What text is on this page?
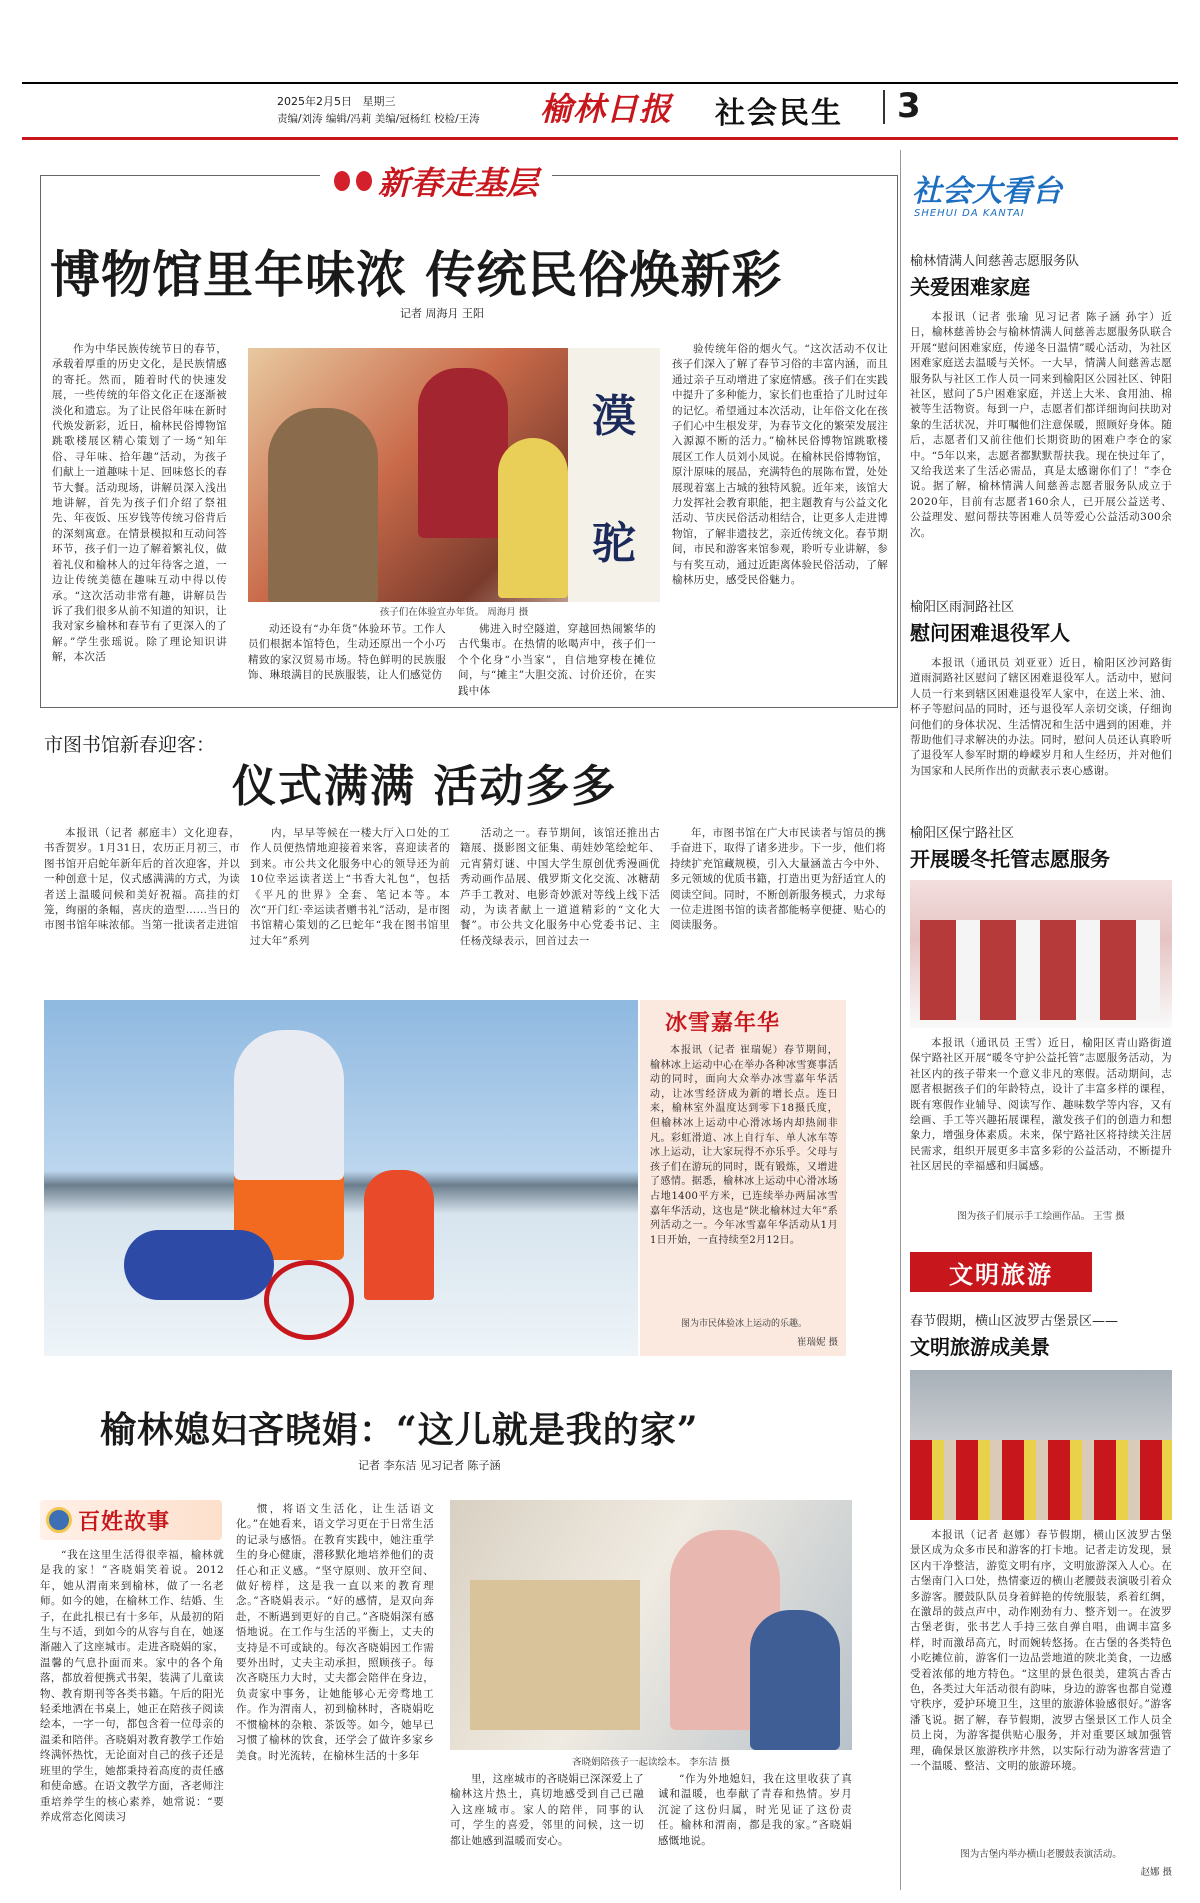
2025年2月5日 星期三
责编/刘涛 编辑/冯莉 美编/冠杨红 校检/王涛 榆林日报 社会民生 3
新春走基层
博物馆里年味浓 传统民俗焕新彩
记者 周海月 王阳

作为中华民族传统节日的春节，承载着厚重的历史文化，是民族情感的寄托。然而，随着时代的快速发展，一些传统的年俗文化正在逐渐被淡化和遗忘。为了让民俗年味在新时代焕发新彩，近日，榆林民俗博物馆跳歌楼展区精心策划了一场“知年俗、寻年味、拾年趣”活动，为孩子们献上一道趣味十足、回味悠长的春节大餐。活动现场，讲解员深入浅出地讲解，首先为孩子们介绍了祭祖先、年夜饭、压岁钱等传统习俗背后的深刻寓意。在情景模拟和互动问答环节，孩子们一边了解着繁礼仪，做着礼仪和榆林人的过年待客之道，一边让传统美德在趣味互动中得以传承。“这次活动非常有趣，讲解员告诉了我们很多从前不知道的知识，让我对家乡榆林和春节有了更深入的了解。”学生张瑶说。除了理论知识讲解，本次活

漠
驼
孩子们在体验宣办年货。 周海月 摄

动还设有“办年货”体验环节。工作人员们根据本馆特色，生动还原出一个小巧精致的家汉贸易市场。特色鲜明的民族服饰、琳琅满目的民族服装，让人们感觉仿

佛进入时空隧道，穿越回热闹繁华的古代集市。在热情的吆喝声中，孩子们一个个化身“小当家”，自信地穿梭在摊位间，与“摊主”大胆交流、讨价还价，在实践中体

验传统年俗的烟火气。“这次活动不仅让孩子们深入了解了春节习俗的丰富内涵，而且通过亲子互动增进了家庭情感。孩子们在实践中提升了多种能力，家长们也重拾了儿时过年的记忆。希望通过本次活动，让年俗文化在孩子们心中生根发芽，为春节文化的繁荣发展注入源源不断的活力。”榆林民俗博物馆跳歌楼展区工作人员刘小凤说。在榆林民俗博物馆，原汁原味的展品，充满特色的展陈布置，处处展现着塞上古城的独特风貌。近年来，该馆大力发挥社会教育职能，把主题教育与公益文化活动、节庆民俗活动相结合，让更多人走进博物馆，了解非遗技艺，亲近传统文化。春节期间，市民和游客来馆参观，聆听专业讲解，参与有奖互动，通过近距离体验民俗活动，了解榆林历史，感受民俗魅力。

市图书馆新春迎客：
仪式满满 活动多多

本报讯（记者 郝庭丰）文化迎春，书香贺岁。1月31日，农历正月初三，市图书馆开启蛇年新年后的首次迎客，并以一种创意十足，仪式感满满的方式，为读者送上温暖问候和美好祝福。高挂的灯笼，绚丽的条幅，喜庆的造型……当日的市图书馆年味浓郁。当第一批读者走进馆

内，早早等候在一楼大厅入口处的工作人员便热情地迎接着来客，喜迎读者的到来。市公共文化服务中心的领导还为前10位幸运读者送上“书香大礼包”，包括《平凡的世界》全套、笔记本等。本次“开门红·幸运读者赠书礼”活动，是市图书馆精心策划的乙巳蛇年“我在图书馆里过大年”系列

活动之一。春节期间，该馆还推出古籍展、摄影图文征集、萌娃妙笔绘蛇年、元宵猜灯谜、中国大学生原创优秀漫画优秀动画作品展、俄罗斯文化交流、冰糖葫芦手工教对、电影奇妙派对等线上线下活动，为读者献上一道道精彩的“文化大餐”。市公共文化服务中心党委书记、主任杨茂绿表示，回首过去一

年，市图书馆在广大市民读者与馆员的携手奋进下，取得了诸多进步。下一步，他们将持续扩充馆藏规模，引入大量涵盖古今中外、多元领域的优质书籍，打造出更为舒适宜人的阅读空间。同时，不断创新服务模式，力求每一位走进图书馆的读者都能畅享便捷、贴心的阅读服务。

冰雪嘉年华

本报讯（记者 崔瑞妮）春节期间，榆林冰上运动中心在举办各种冰雪赛事活动的同时，面向大众举办冰雪嘉年华活动，让冰雪经济成为新的增长点。连日来，榆林室外温度达到零下18摄氏度，但榆林冰上运动中心滑冰场内却热闹非凡。彩虹滑道、冰上自行车、单人冰车等冰上运动，让大家玩得不亦乐乎。父母与孩子们在游玩的同时，既有锻炼，又增进了感情。据悉，榆林冰上运动中心滑冰场占地1400平方米，已连续举办两届冰雪嘉年华活动，这也是“陕北榆林过大年”系列活动之一。今年冰雪嘉年华活动从1月1日开始，一直持续至2月12日。

图为市民体验冰上运动的乐趣。
崔瑞妮 摄
榆林媳妇吝晓娟：“这儿就是我的家”
记者 李东洁 见习记者 陈子涵
百姓故事

“我在这里生活得很幸福，榆林就是我的家！”吝晓娟笑着说。2012年，她从渭南来到榆林，做了一名老师。如今的她，在榆林工作、结婚、生子，在此扎根已有十多年，从最初的陌生与不适，到如今的从容与自在，她逐渐融入了这座城市。走进吝晓娟的家，温馨的气息扑面而来。家中的各个角落，都放着便携式书架，装满了儿童读物、教育期刊等各类书籍。午后的阳光轻柔地洒在书桌上，她正在陪孩子阅读绘本，一字一句，都包含着一位母亲的温柔和陪伴。吝晓娟对教育教学工作始终满怀热忱，无论面对自己的孩子还是班里的学生，她都秉持着高度的责任感和使命感。在语文教学方面，吝老师注重培养学生的核心素养，她常说：“要养成常态化阅读习

惯，将语文生活化，让生活语文化。”在她看来，语文学习更在于日常生活的记录与感悟。在教育实践中，她注重学生的身心健康，潜移默化地培养他们的责任心和正义感。“坚守原则、放开空间、做好榜样，这是我一直以来的教育理念。”吝晓娟表示。“好的感情，是双向奔赴，不断遇到更好的自己。”吝晓娟深有感悟地说。在工作与生活的平衡上，丈夫的支持是不可或缺的。每次吝晓娟因工作需要外出时，丈夫主动承担，照顾孩子。每次吝晓压力大时，丈夫都会陪伴在身边，负责家中事务，让她能够心无旁骛地工作。作为渭南人，初到榆林时，吝晓娟吃不惯榆林的杂粮、茶饭等。如今，她早已习惯了榆林的饮食，还学会了做许多家乡美食。时光流转，在榆林生活的十多年

吝晓娟陪孩子一起读绘本。 李东洁 摄

里，这座城市的吝晓娟已深深爱上了榆林这片热土，真切地感受到自己已融入这座城市。家人的陪伴，同事的认可，学生的喜爱，邻里的问候，这一切都让她感到温暖而安心。

“作为外地媳妇，我在这里收获了真诚和温暖，也奉献了青春和热情。岁月沉淀了这份归属，时光见证了这份责任。榆林和渭南，都是我的家。”吝晓娟感慨地说。

社会大看台
SHEHUI DA KANTAI
榆林情满人间慈善志愿服务队
关爱困难家庭

本报讯（记者 张瑜 见习记者 陈子涵 孙宇）近日，榆林慈善协会与榆林情满人间慈善志愿服务队联合开展“慰问困难家庭，传递冬日温情”暖心活动，为社区困难家庭送去温暖与关怀。一大早，情满人间慈善志愿服务队与社区工作人员一同来到榆阳区公园社区、钟阳社区，慰问了5户困难家庭，并送上大米、食用油、棉被等生活物资。每到一户，志愿者们都详细询问扶助对象的生活状况，并叮嘱他们注意保暖，照顾好身体。随后，志愿者们又前往他们长期资助的困难户李仓的家中。“5年以来，志愿者都默默帮扶我。现在快过年了，又给我送来了生活必需品，真是太感谢你们了！”李仓说。据了解，榆林情满人间慈善志愿者服务队成立于2020年，目前有志愿者160余人，已开展公益送考、公益理发、慰问帮扶等困难人员等爱心公益活动300余次。

榆阳区雨洞路社区
慰问困难退役军人

本报讯（通讯员 刘亚亚）近日，榆阳区沙河路街道雨洞路社区慰问了辖区困难退役军人。活动中，慰问人员一行来到辖区困难退役军人家中，在送上米、油、杯子等慰问品的同时，还与退役军人亲切交谈，仔细询问他们的身体状况、生活情况和生活中遇到的困难，并帮助他们寻求解决的办法。同时，慰问人员还认真聆听了退役军人参军时期的峥嵘岁月和人生经历，并对他们为国家和人民所作出的贡献表示衷心感谢。

榆阳区保宁路社区
开展暖冬托管志愿服务

本报讯（通讯员 王雪）近日，榆阳区青山路街道保宁路社区开展“暖冬守护公益托管”志愿服务活动，为社区内的孩子带来一个意义非凡的寒假。活动期间，志愿者根据孩子们的年龄特点，设计了丰富多样的课程，既有寒假作业辅导、阅读写作、趣味数学等内容，又有绘画、手工等兴趣拓展课程，激发孩子们的创造力和想象力，增强身体素质。未来，保宁路社区将持续关注居民需求，组织开展更多丰富多彩的公益活动，不断提升社区居民的幸福感和归属感。

图为孩子们展示手工绘画作品。 王雪 摄
文明旅游
春节假期，横山区波罗古堡景区——
文明旅游成美景

本报讯（记者 赵娜）春节假期，横山区波罗古堡景区成为众多市民和游客的打卡地。记者走访发现，景区内干净整洁，游览文明有序，文明旅游深入人心。在古堡南门入口处，热情豪迈的横山老腰鼓表演吸引着众多游客。腰鼓队队员身着鲜艳的传统服装，系着红绸，在激昂的鼓点声中，动作刚劲有力、整齐划一。在波罗古堡老街，张书艺人手持三弦自弹自唱，曲调丰富多样，时而激昂高亢，时而婉转悠扬。在古堡的各类特色小吃摊位前，游客们一边品尝地道的陕北美食，一边感受着浓郁的地方特色。“这里的景色很美，建筑古香古色，各类过大年活动很有韵味，身边的游客也都自觉遵守秩序，爱护环境卫生，这里的旅游体验感很好。”游客潘飞说。据了解，春节假期，波罗古堡景区工作人员全员上岗，为游客提供贴心服务，并对重要区域加强管理，确保景区旅游秩序井然，以实际行动为游客营造了一个温暖、整洁、文明的旅游环境。

图为古堡内举办横山老腰鼓表演活动。
赵娜 摄
